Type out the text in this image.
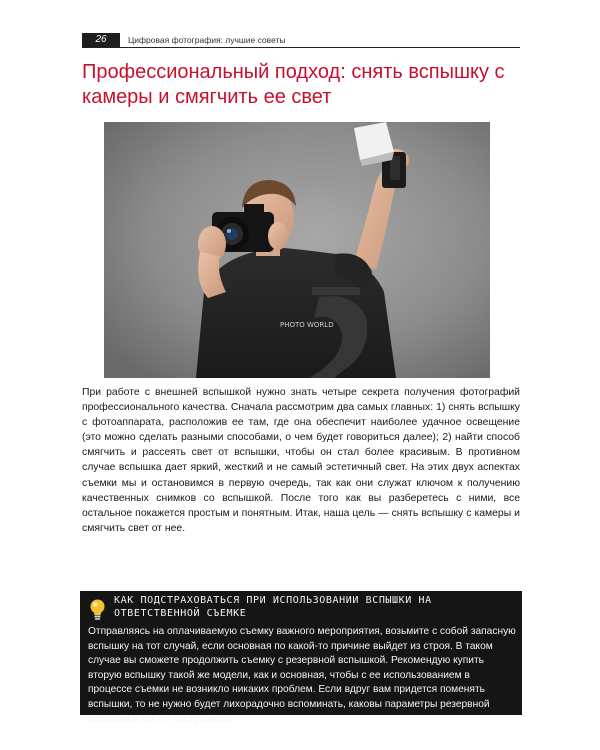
26	Цифровая фотография: лучшие советы
Профессиональный подход: снять вспышку с камеры и смягчить ее свет
PHOTO WORLD

При работе с внешней вспышкой нужно знать четыре секрета получения фотографий профессионального качества. Сначала рассмотрим два самых главных: 1) снять вспышку с фотоаппарата, расположив ее там, где она обеспечит наиболее удачное освещение (это можно сделать разными способами, о чем будет говориться далее); 2) найти способ смягчить и рассеять свет от вспышки, чтобы он стал более красивым. В противном случае вспышка дает яркий, жесткий и не самый эстетичный свет. На этих двух аспектах съемки мы и остановимся в первую очередь, так как они служат ключом к получению качественных снимков со вспышкой. После того как вы разберетесь с ними, все остальное покажется простым и понятным. Итак, наша цель — снять вспышку с камеры и смягчить свет от нее.

КАК ПОДСТРАХОВАТЬСЯ ПРИ ИСПОЛЬЗОВАНИИ ВСПЫШКИ НА ОТВЕТСТВЕННОЙ СЪЕМКЕ

Отправляясь на оплачиваемую съемку важного мероприятия, возьмите с собой запасную вспышку на тот случай, если основная по какой-то причине выйдет из строя. В таком случае вы сможете продолжить съемку с резервной вспышкой. Рекомендую купить вторую вспышку такой же модели, как и основная, чтобы с ее использованием в процессе съемки не возникло никаких проблем. Если вдруг вам придется поменять вспышки, то не нужно будет лихорадочно вспоминать, каковы параметры резервной вспышки и как ее настраивать.
